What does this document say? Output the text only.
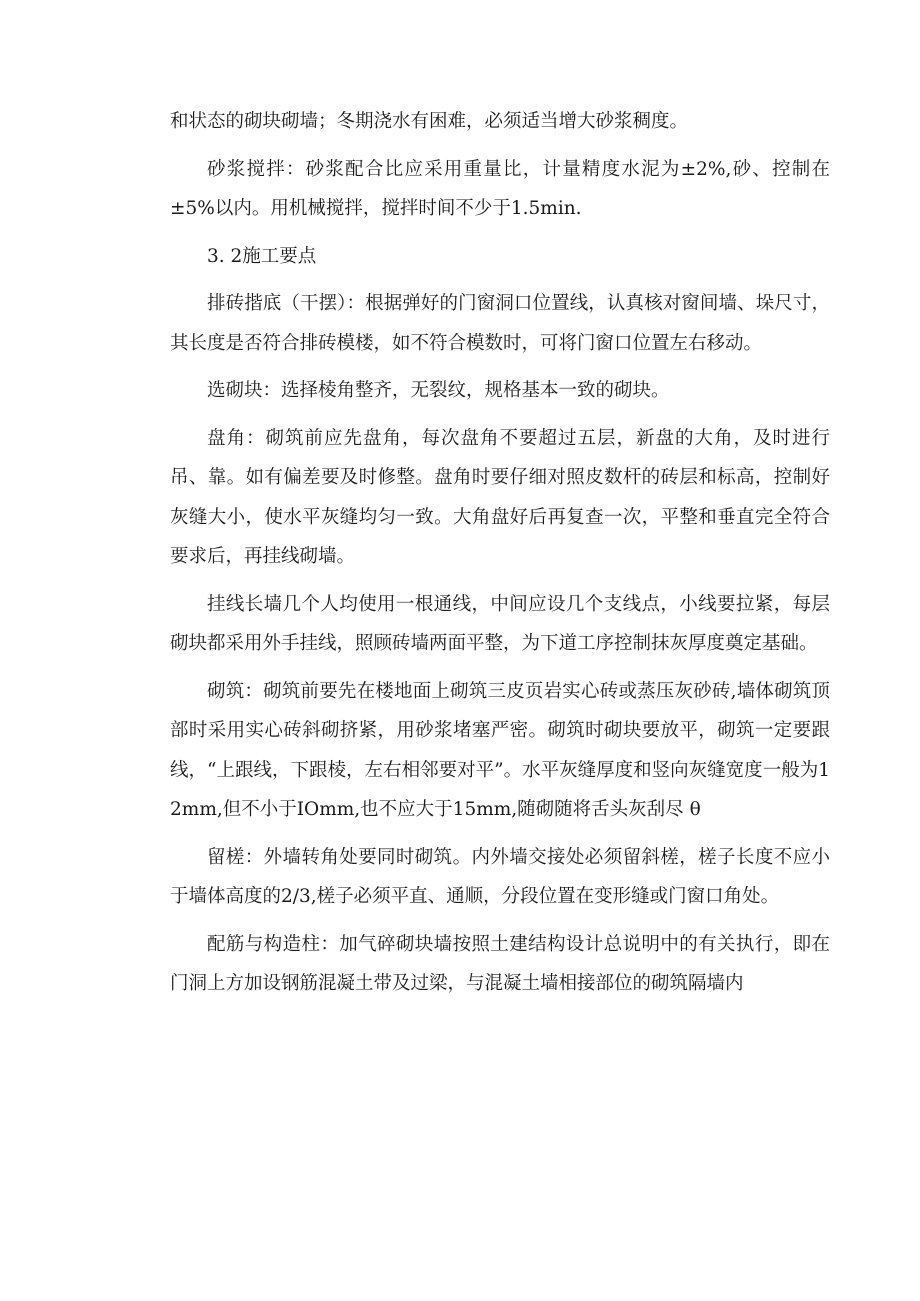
和状态的砌块砌墙；冬期浇水有困难，必须适当增大砂浆稠度。

砂浆搅拌：砂浆配合比应采用重量比，计量精度水泥为±2%,砂、控制在±5%以内。用机械搅拌，搅拌时间不少于1.5min.

3. 2施工要点

排砖揩底（干摆）：根据弹好的门窗洞口位置线，认真核对窗间墙、垛尺寸，其长度是否符合排砖模楼，如不符合模数时，可将门窗口位置左右移动。

选砌块：选择棱角整齐，无裂纹，规格基本一致的砌块。

盘角：砌筑前应先盘角，每次盘角不要超过五层，新盘的大角，及时进行吊、靠。如有偏差要及时修整。盘角时要仔细对照皮数杆的砖层和标高，控制好灰缝大小，使水平灰缝均匀一致。大角盘好后再复查一次，平整和垂直完全符合要求后，再挂线砌墙。

挂线长墙几个人均使用一根通线，中间应设几个支线点，小线要拉紧，每层砌块都采用外手挂线，照顾砖墙两面平整，为下道工序控制抹灰厚度奠定基础。

砌筑：砌筑前要先在楼地面上砌筑三皮页岩实心砖或蒸压灰砂砖,墙体砌筑顶部时采用实心砖斜砌挤紧，用砂浆堵塞严密。砌筑时砌块要放平，砌筑一定要跟线，“上跟线，下跟棱，左右相邻要对平”。水平灰缝厚度和竖向灰缝宽度一般为12mm,但不小于IOmm,也不应大于15mm,随砌随将舌头灰刮尽 θ

留槎：外墙转角处要同时砌筑。内外墙交接处必须留斜槎，槎子长度不应小于墙体高度的2/3,槎子必须平直、通顺，分段位置在变形缝或门窗口角处。

配筋与构造柱：加气碎砌块墙按照土建结构设计总说明中的有关执行，即在门洞上方加设钢筋混凝土带及过梁，与混凝土墙相接部位的砌筑隔墙内
